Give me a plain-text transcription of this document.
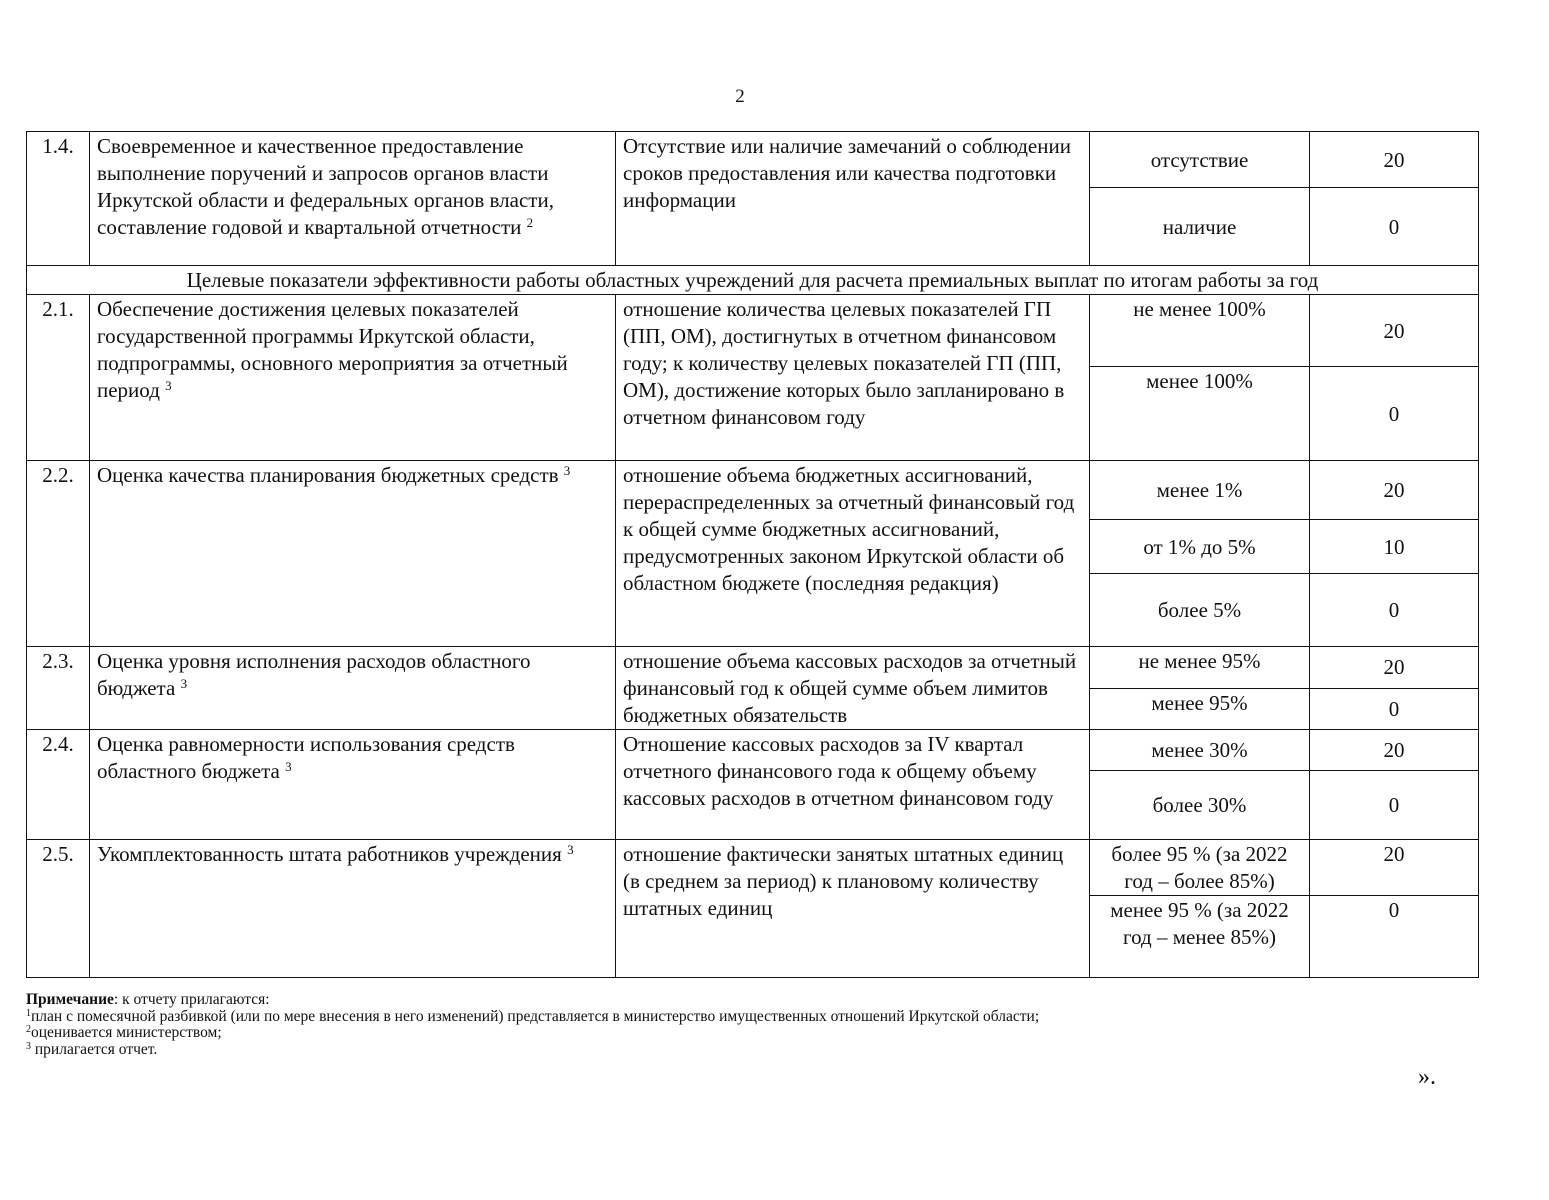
2
1.4.	Своевременное и качественное предоставление выполнение поручений и запросов органов власти Иркутской области и федеральных органов власти, составление годовой и квартальной отчетности $^2$	Отсутствие или наличие замечаний о соблюдении сроков предоставления или качества подготовки информации	отсутствие	20
			наличие	0
Целевые показатели эффективности работы областных учреждений для расчета премиальных выплат по итогам работы за год				
2.1.	Обеспечение достижения целевых показателей государственной программы Иркутской области, подпрограммы, основного мероприятия за отчетный период $^3$	отношение количества целевых показателей ГП (ПП, ОМ), достигнутых в отчетном финансовом году; к количеству целевых показателей ГП (ПП, ОМ), достижение которых было запланировано в отчетном финансовом году	не менее 100%	20
			менее 100%	0
2.2.	Оценка качества планирования бюджетных средств $^3$	отношение объема бюджетных ассигнований, перераспределенных за отчетный финансовый год к общей сумме бюджетных ассигнований, предусмотренных законом Иркутской области об областном бюджете (последняя редакция)	менее 1%	20
			от 1% до 5%	10
			более 5%	0
2.3.	Оценка уровня исполнения расходов областного бюджета $^3$	отношение объема кассовых расходов за отчетный финансовый год к общей сумме объем лимитов бюджетных обязательств	не менее 95%	20
			менее 95%	0
2.4.	Оценка равномерности использования средств областного бюджета $^3$	Отношение кассовых расходов за IV квартал отчетного финансового года к общему объему кассовых расходов в отчетном финансовом году	менее 30%	20
			более 30%	0
2.5.	Укомплектованность штата работников учреждения $^3$	отношение фактически занятых штатных единиц (в среднем за период) к плановому количеству штатных единиц	более 95 % (за 2022 год – более 85%)	20
			менее 95 % (за 2022 год – менее 85%)	0
Примечание: к отчету прилагаются:
$^1$план с помесячной разбивкой (или по мере внесения в него изменений) представляется в министерство имущественных отношений Иркутской области;
$^2$оценивается министерством;
$^3$ прилагается отчет.
».
